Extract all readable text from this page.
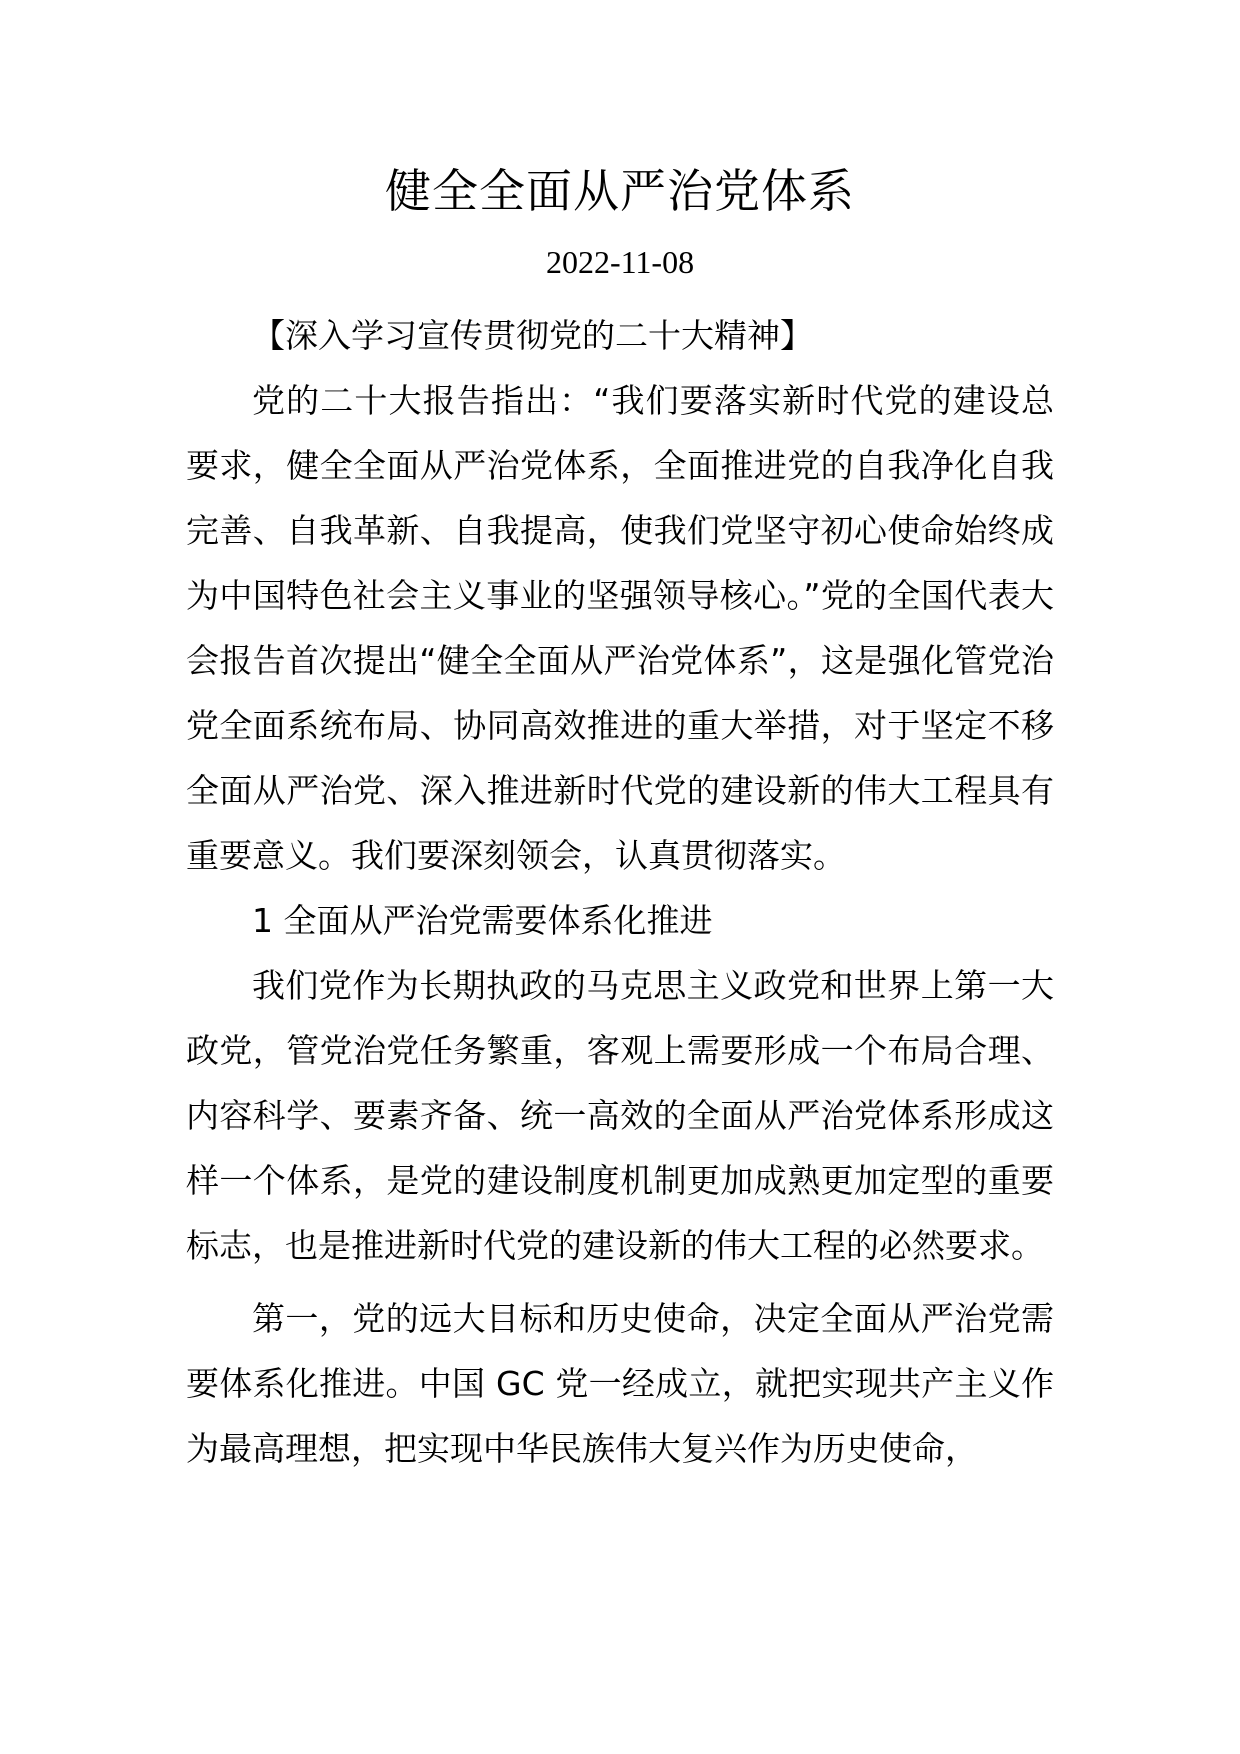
健全全面从严治党体系
2022-11-08

【深入学习宣传贯彻党的二十大精神】

党的二十大报告指出：“我们要落实新时代党的建设总要求，健全全面从严治党体系，全面推进党的自我净化自我完善、自我革新、自我提高，使我们党坚守初心使命始终成为中国特色社会主义事业的坚强领导核心。”党的全国代表大会报告首次提出“健全全面从严治党体系”，这是强化管党治党全面系统布局、协同高效推进的重大举措，对于坚定不移全面从严治党、深入推进新时代党的建设新的伟大工程具有重要意义。我们要深刻领会，认真贯彻落实。

1 全面从严治党需要体系化推进

我们党作为长期执政的马克思主义政党和世界上第一大政党，管党治党任务繁重，客观上需要形成一个布局合理、内容科学、要素齐备、统一高效的全面从严治党体系形成这样一个体系，是党的建设制度机制更加成熟更加定型的重要标志，也是推进新时代党的建设新的伟大工程的必然要求。

第一，党的远大目标和历史使命，决定全面从严治党需要体系化推进。中国 GC 党一经成立，就把实现共产主义作为最高理想，把实现中华民族伟大复兴作为历史使命，
